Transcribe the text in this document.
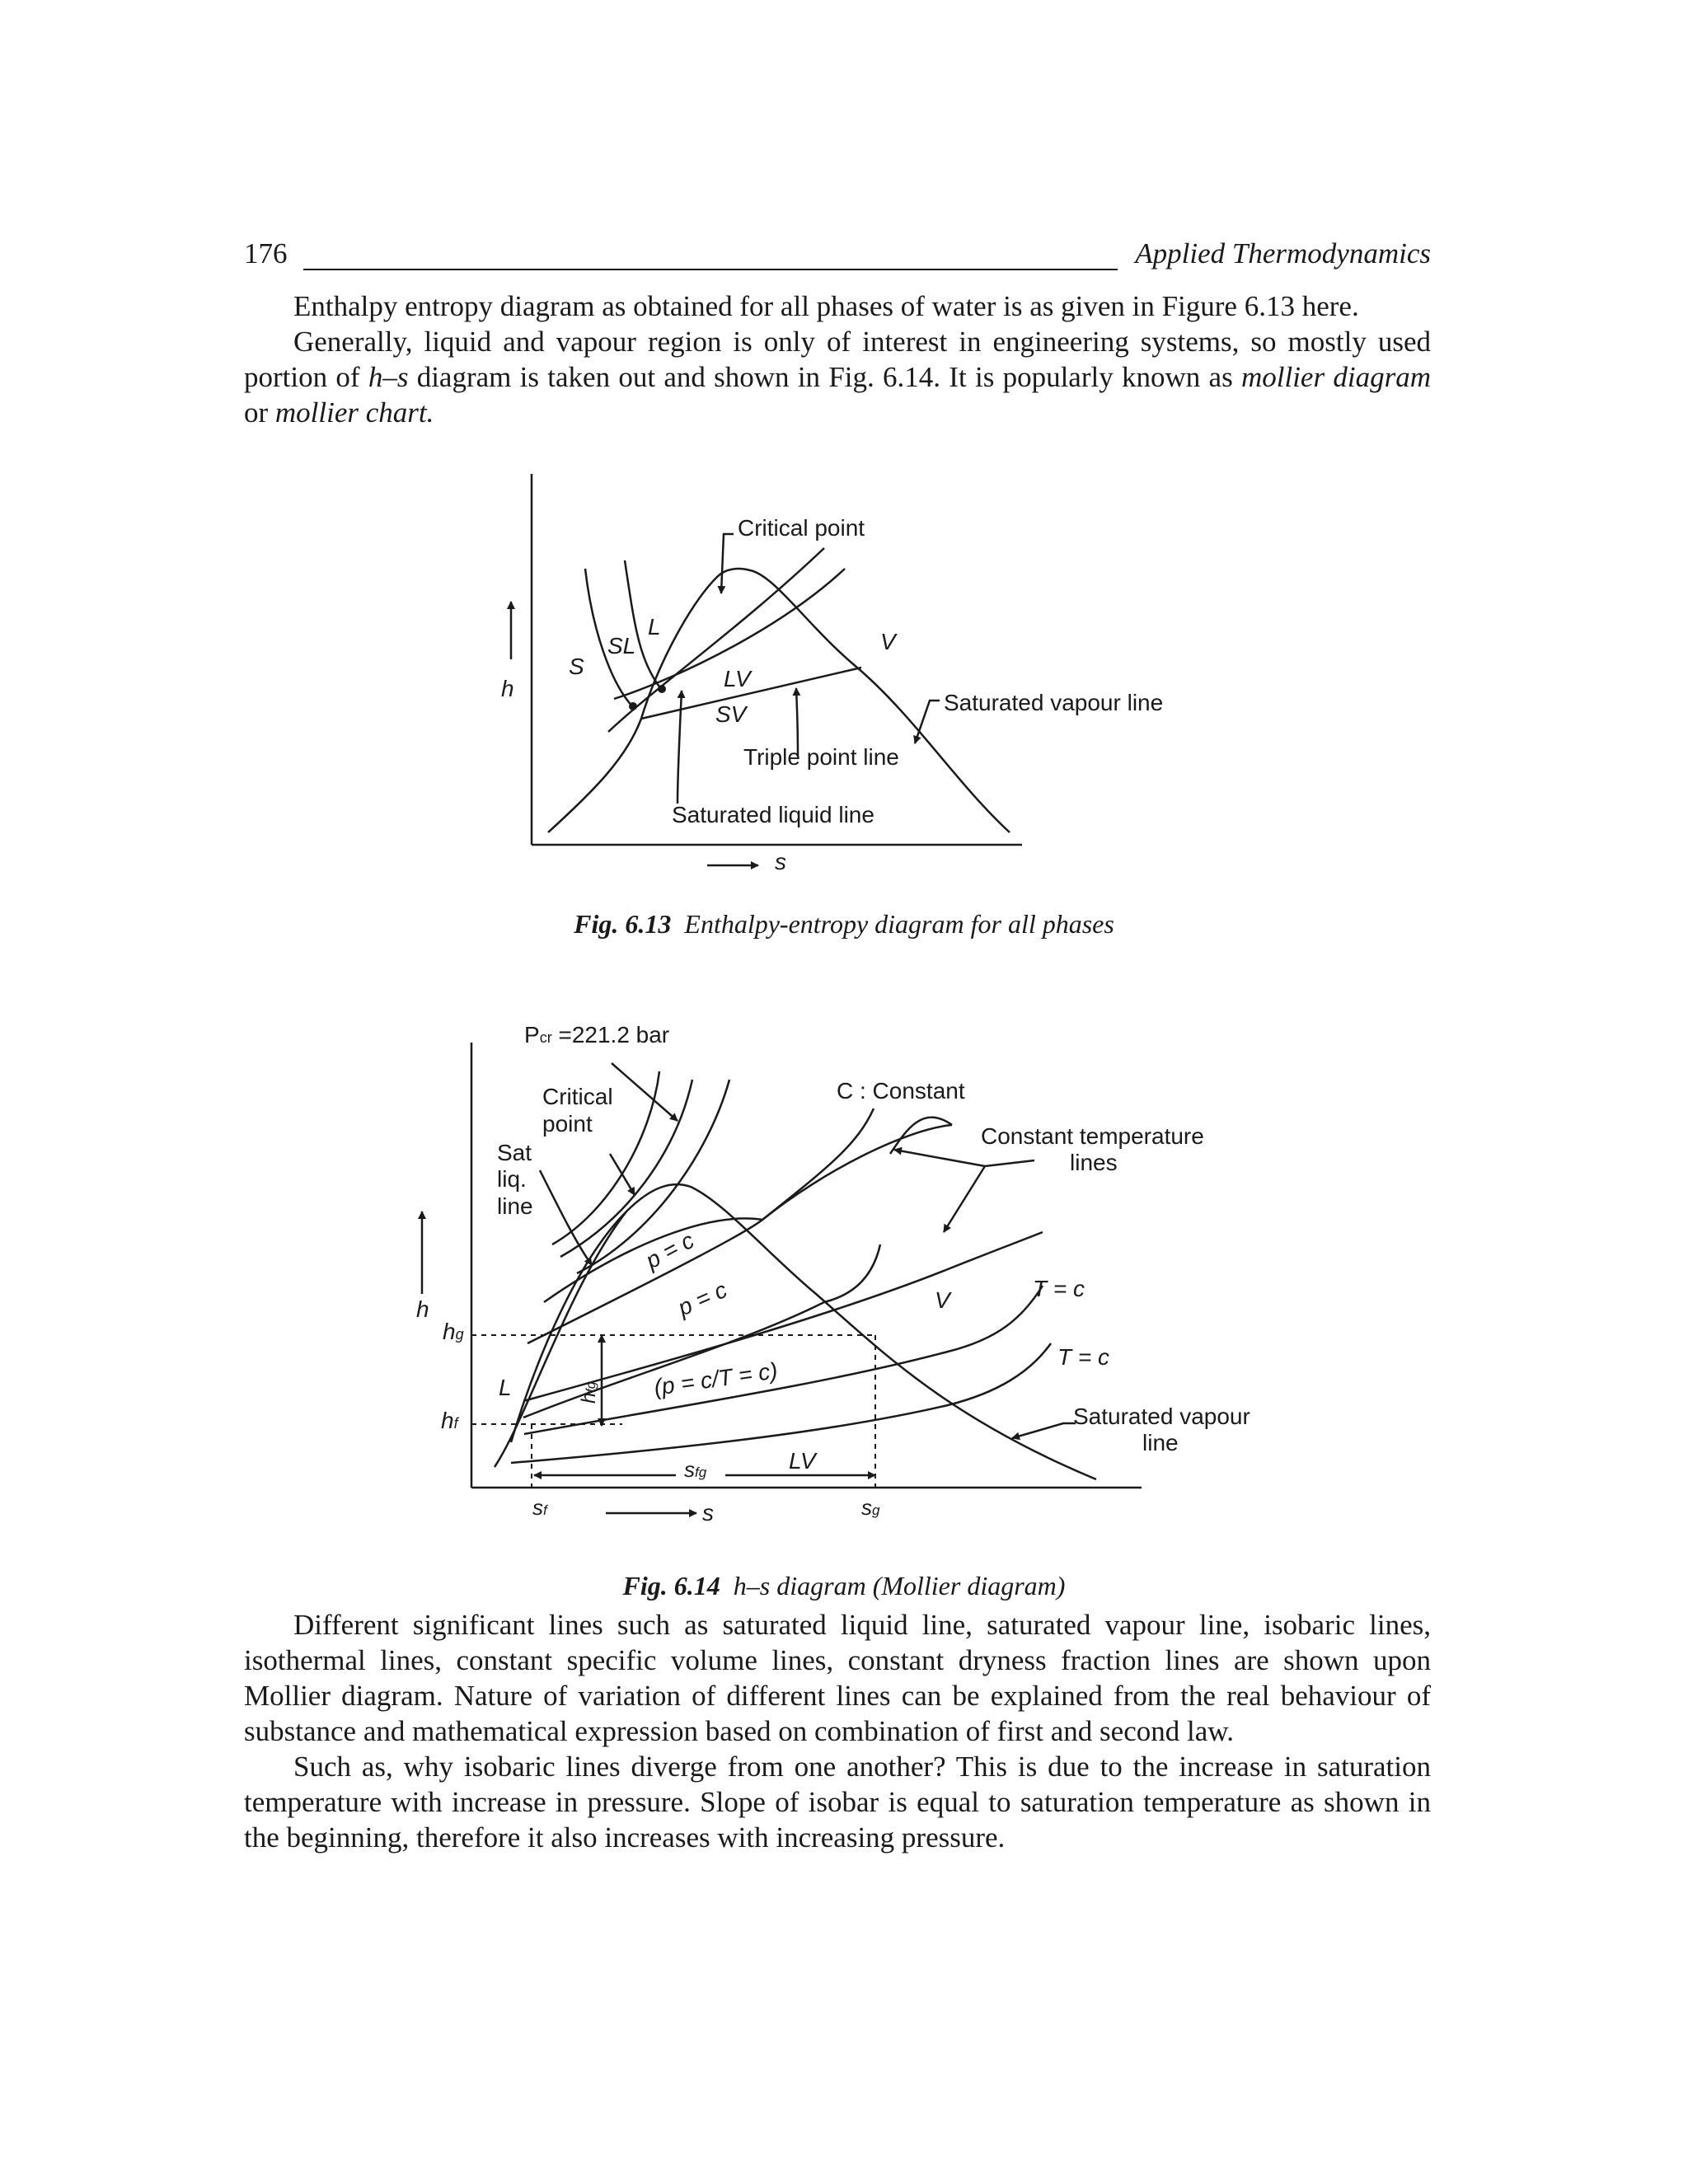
176	Applied Thermodynamics

Enthalpy entropy diagram as obtained for all phases of water is as given in Figure 6.13 here.

Generally, liquid and vapour region is only of interest in engineering systems, so mostly used portion of h–s diagram is taken out and shown in Fig. 6.14. It is popularly known as mollier diagram or mollier chart.

h
s
Critical point
S
SL
L
LV
SV
V
Triple point line
Saturated liquid line
Saturated vapour line
Fig. 6.13 Enthalpy-entropy diagram for all phases
h
s
Pcr =221.2 bar
Critical
point
Sat
liq.
line
C : Constant
Constant temperature
lines
p = c
p = c	V	T = c
T = c
hg
hf
L	hfg (p = c/T = c)
sfg	LV
Saturated vapour
line
sf	sg
Fig. 6.14 h–s diagram (Mollier diagram)

Different significant lines such as saturated liquid line, saturated vapour line, isobaric lines, isothermal lines, constant specific volume lines, constant dryness fraction lines are shown upon Mollier diagram. Nature of variation of different lines can be explained from the real behaviour of substance and mathematical expression based on combination of first and second law.

Such as, why isobaric lines diverge from one another? This is due to the increase in saturation temperature with increase in pressure. Slope of isobar is equal to saturation temperature as shown in the beginning, therefore it also increases with increasing pressure.
